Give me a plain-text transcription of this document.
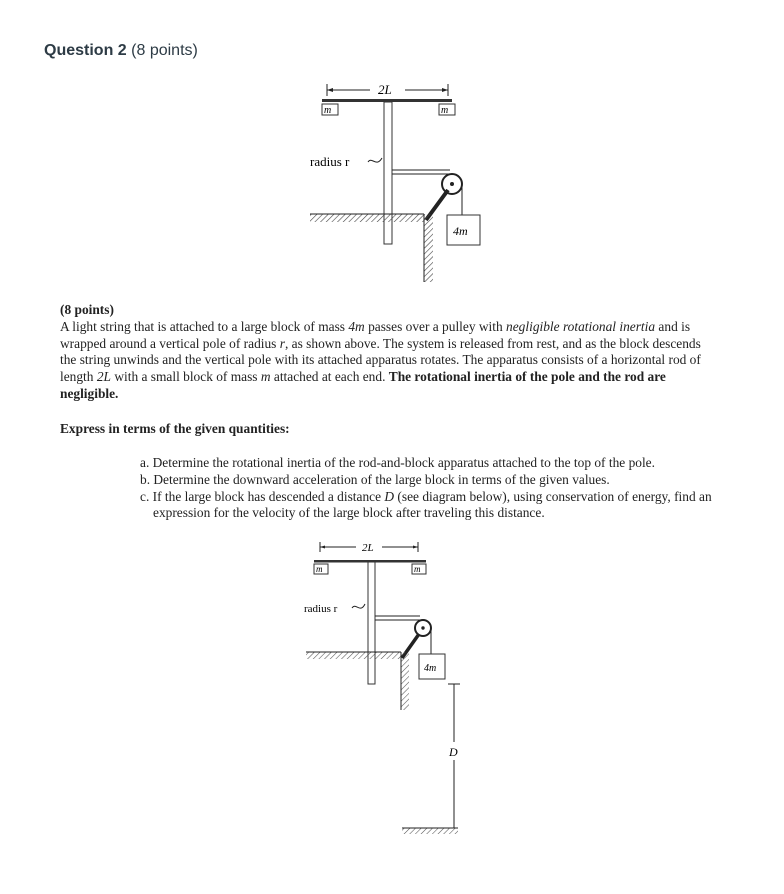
Question 2 (8 points)
2L
m	m
radius r
4m

(8 points)

A light string that is attached to a large block of mass 4m passes over a pulley with negligible rotational inertia and is wrapped around a vertical pole of radius r, as shown above. The system is released from rest, and as the block descends the string unwinds and the vertical pole with its attached apparatus rotates. The apparatus consists of a horizontal rod of length 2L with a small block of mass m attached at each end. The rotational inertia of the pole and the rod are negligible.

Express in terms of the given quantities:
a. Determine the rotational inertia of the rod-and-block apparatus attached to the top of the pole.
b. Determine the downward acceleration of the large block in terms of the given values.
c. If the large block has descended a distance D (see diagram below), using conservation of energy, find an expression for the velocity of the large block after traveling this distance.
2L
m	m
radius r
4m
D
